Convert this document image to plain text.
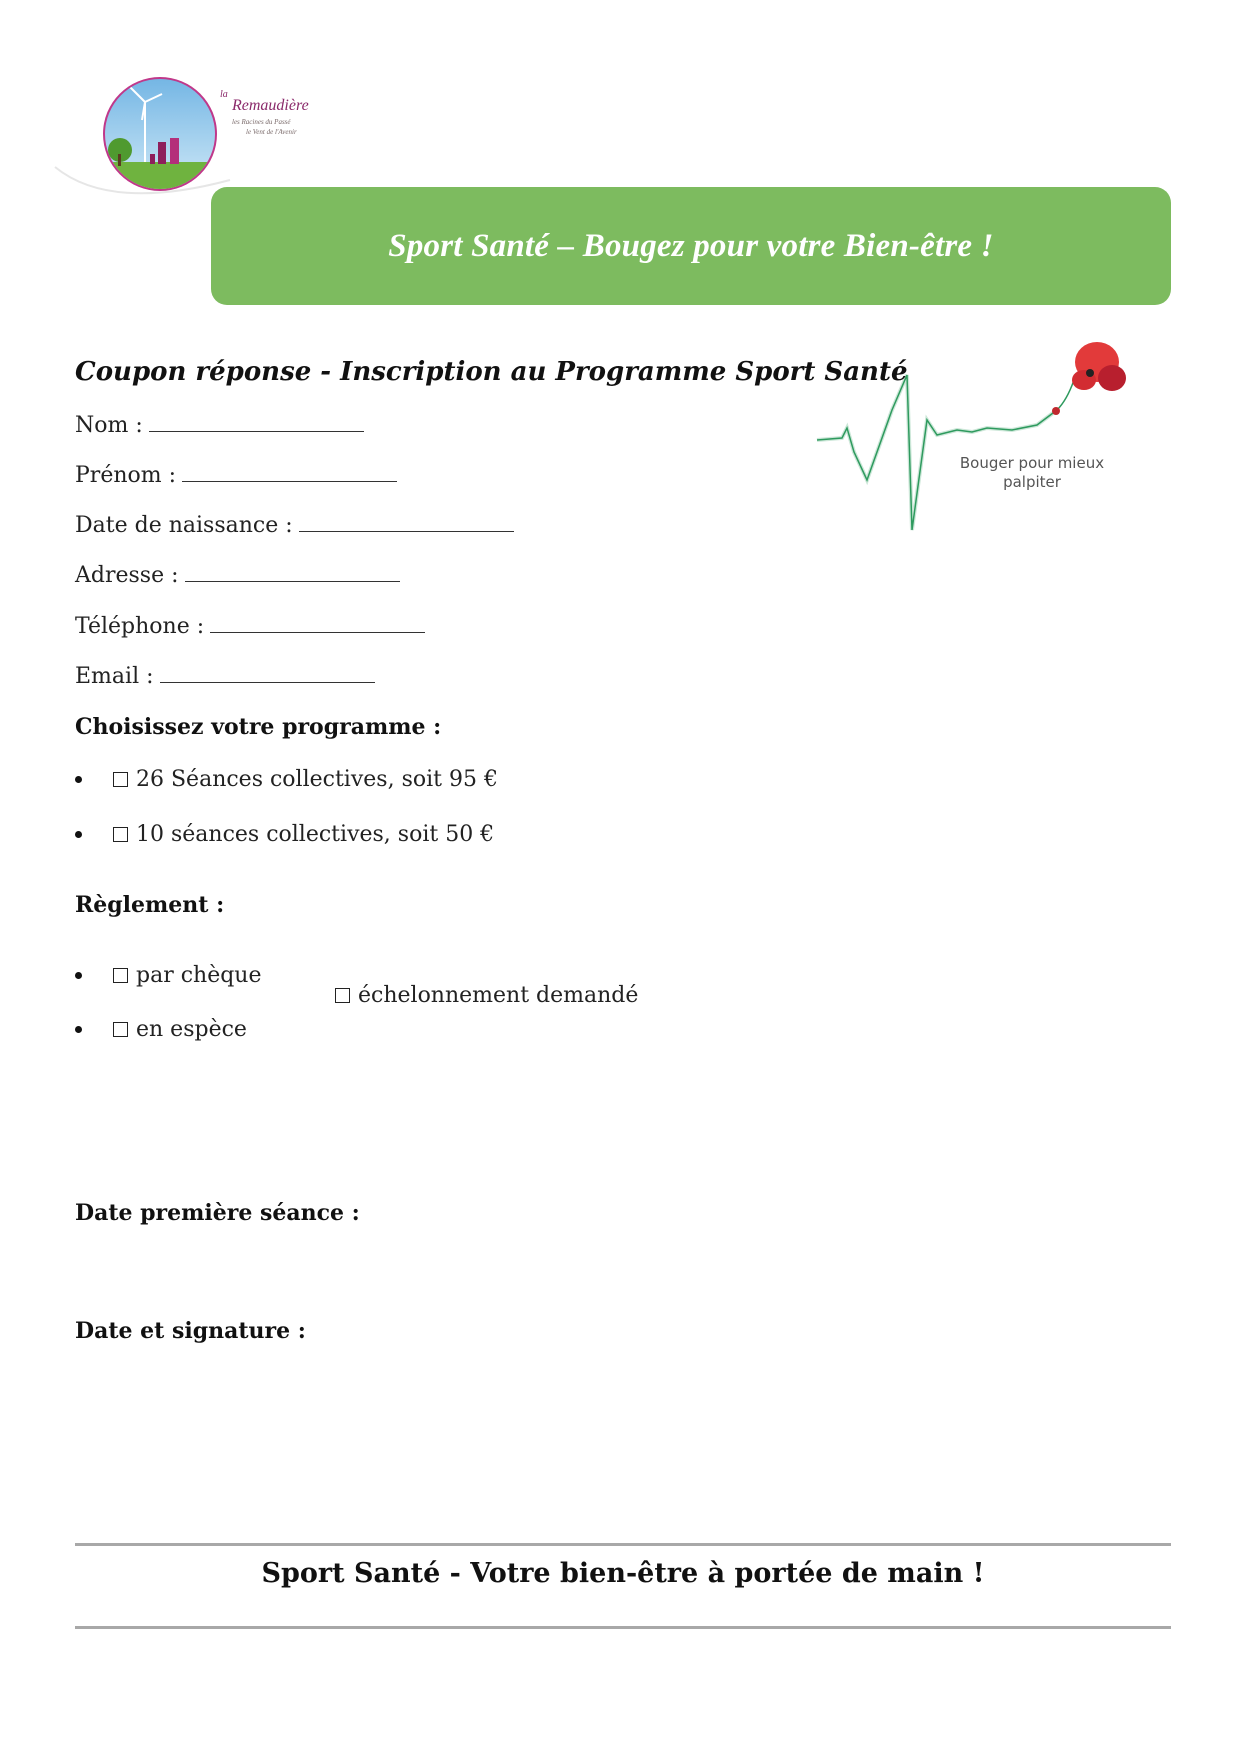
la
Remaudière
les Racines du Passé
le Vent de l'Avenir
Sport Santé – Bougez pour votre Bien-être !
Bouger pour mieux
palpiter
Coupon réponse - Inscription au Programme Sport Santé
Nom :
Prénom :
Date de naissance :
Adresse :
Téléphone :
Email :
Choisissez votre programme :
26 Séances collectives, soit 95 €
10 séances collectives, soit 50 €
Règlement :
par chèque
en espèce
échelonnement demandé
Date première séance :
Date et signature :
Sport Santé - Votre bien-être à portée de main !
